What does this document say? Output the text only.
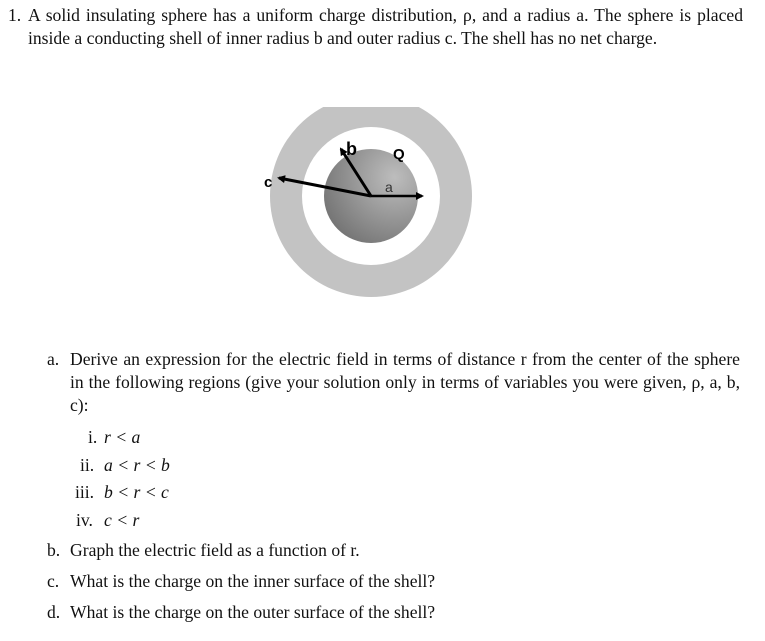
1. A solid insulating sphere has a uniform charge distribution, ρ, and a radius a. The sphere is placed inside a conducting shell of inner radius b and outer radius c. The shell has no net charge.
b Q
c	a
a. Derive an expression for the electric field in terms of distance r from the center of the sphere in the following regions (give your solution only in terms of variables you were given, ρ, a, b, c):
i. r < a
ii. a < r < b
iii. b < r < c
iv. c < r
b. Graph the electric field as a function of r.
c. What is the charge on the inner surface of the shell?
d. What is the charge on the outer surface of the shell?
